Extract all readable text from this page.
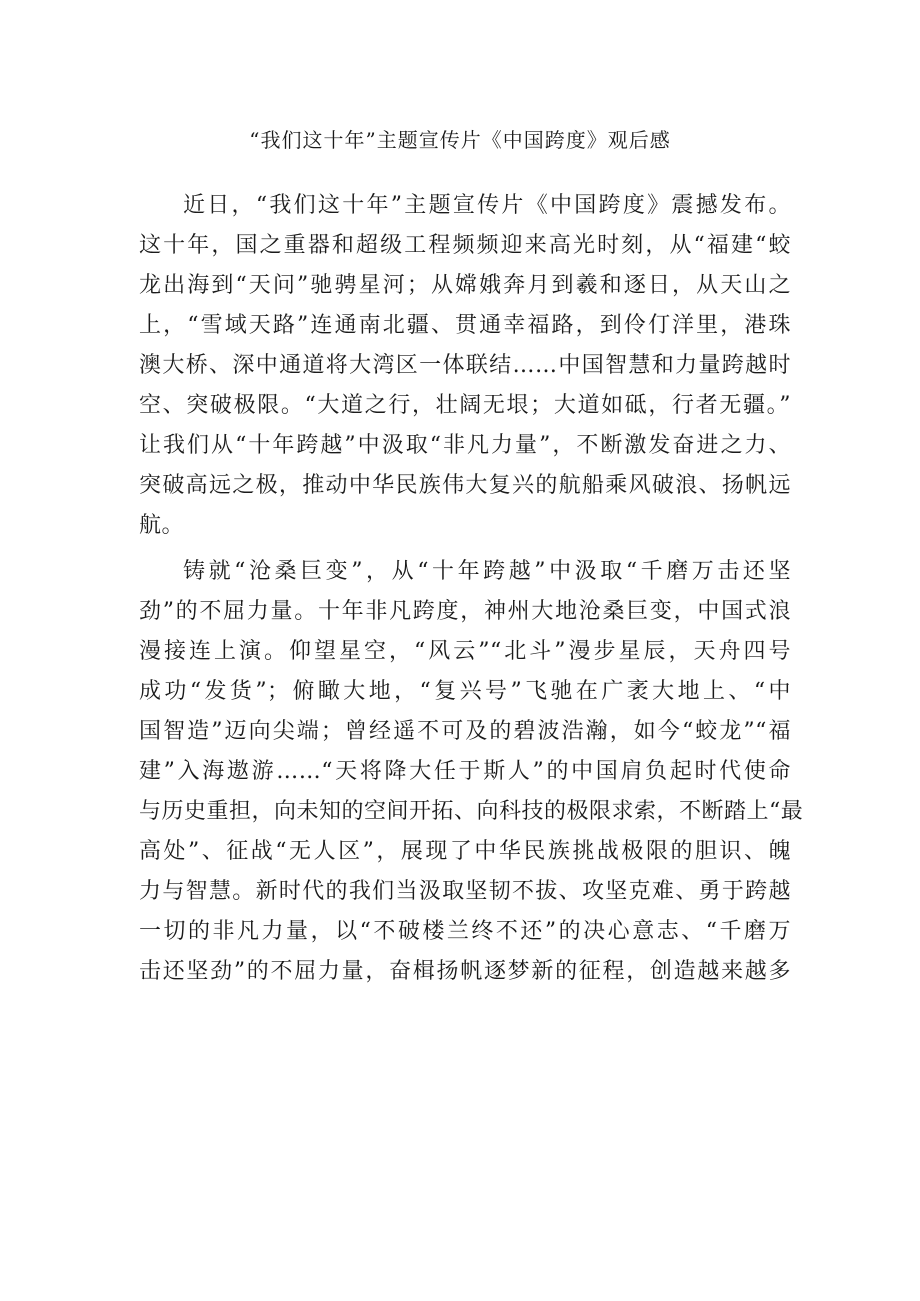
“我们这十年”主题宣传片《中国跨度》观后感
近日，“我们这十年”主题宣传片《中国跨度》震撼发布。
这十年，国之重器和超级工程频频迎来高光时刻，从“福建“蛟
龙出海到“天问”驰骋星河；从嫦娥奔月到羲和逐日，从天山之
上，“雪域天路”连通南北疆、贯通幸福路，到伶仃洋里，港珠
澳大桥、深中通道将大湾区一体联结……中国智慧和力量跨越时
空、突破极限。“大道之行，壮阔无垠；大道如砥，行者无疆。”
让我们从“十年跨越”中汲取“非凡力量”，不断激发奋进之力、
突破高远之极，推动中华民族伟大复兴的航船乘风破浪、扬帆远
航。
铸就“沧桑巨变”，从“十年跨越”中汲取“千磨万击还坚
劲”的不屈力量。十年非凡跨度，神州大地沧桑巨变，中国式浪
漫接连上演。仰望星空，“风云”“北斗”漫步星辰，天舟四号
成功“发货”；俯瞰大地，“复兴号”飞驰在广袤大地上、“中
国智造”迈向尖端；曾经遥不可及的碧波浩瀚，如今“蛟龙”“福
建”入海遨游……“天将降大任于斯人”的中国肩负起时代使命
与历史重担，向未知的空间开拓、向科技的极限求索，不断踏上“最
高处”、征战“无人区”，展现了中华民族挑战极限的胆识、魄
力与智慧。新时代的我们当汲取坚韧不拔、攻坚克难、勇于跨越
一切的非凡力量，以“不破楼兰终不还”的决心意志、“千磨万
击还坚劲”的不屈力量，奋楫扬帆逐梦新的征程，创造越来越多
